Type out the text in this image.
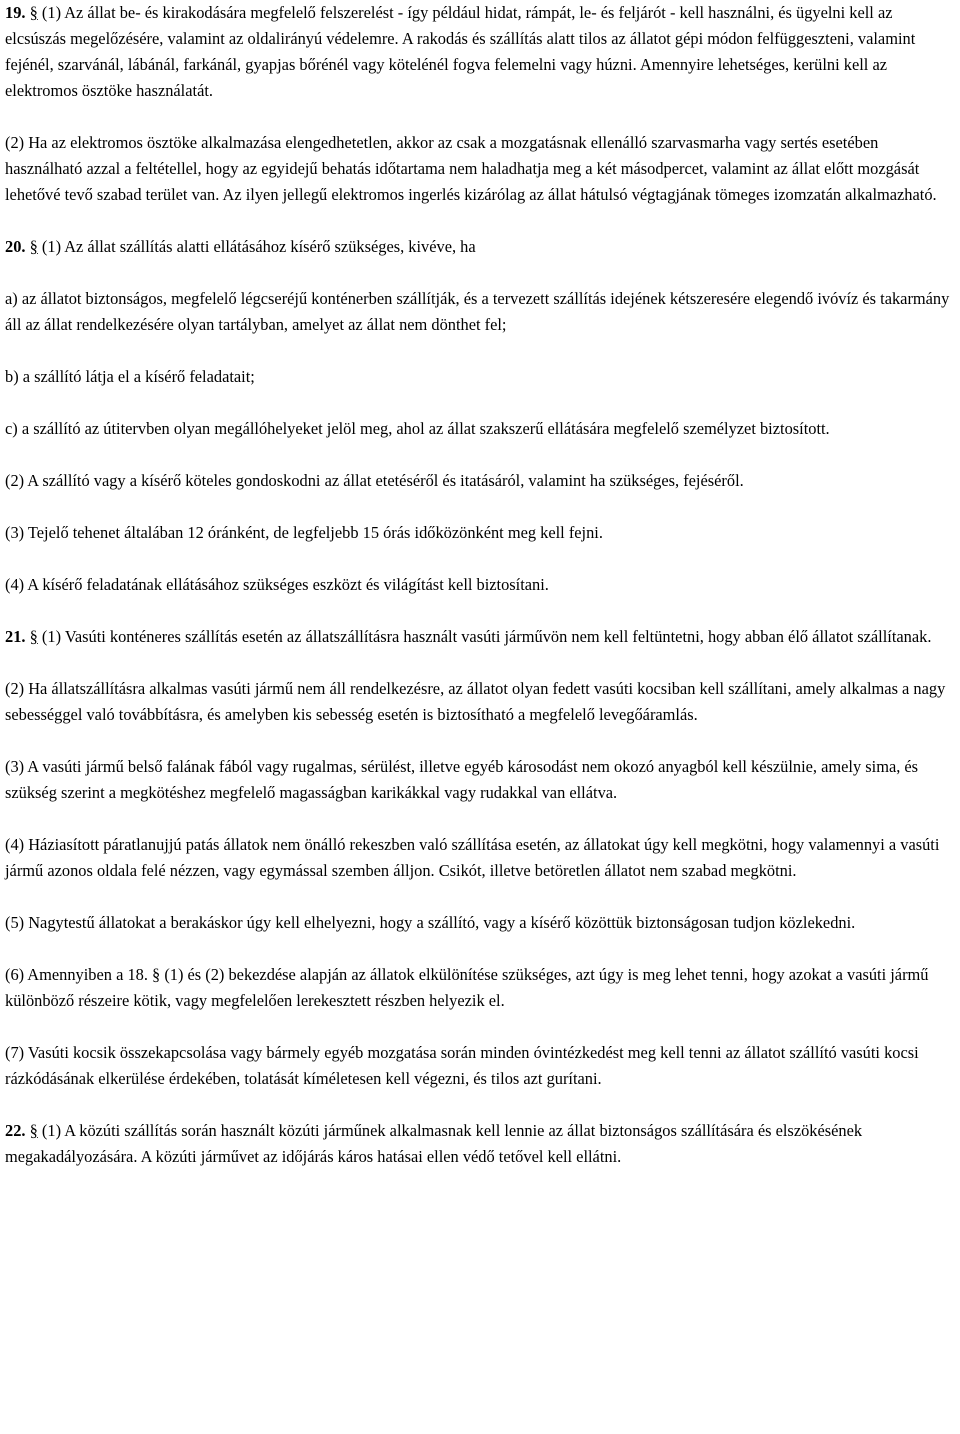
19. § (1) Az állat be- és kirakodására megfelelő felszerelést - így például hidat, rámpát, le- és feljárót - kell használni, és ügyelni kell az elcsúszás megelőzésére, valamint az oldalirányú védelemre. A rakodás és szállítás alatt tilos az állatot gépi módon felfüggeszteni, valamint fejénél, szarvánál, lábánál, farkánál, gyapjas bőrénél vagy kötelénél fogva felemelni vagy húzni. Amennyire lehetséges, kerülni kell az elektromos ösztöke használatát.

(2) Ha az elektromos ösztöke alkalmazása elengedhetetlen, akkor az csak a mozgatásnak ellenálló szarvasmarha vagy sertés esetében használható azzal a feltétellel, hogy az egyidejű behatás időtartama nem haladhatja meg a két másodpercet, valamint az állat előtt mozgását lehetővé tevő szabad terület van. Az ilyen jellegű elektromos ingerlés kizárólag az állat hátulsó végtagjának tömeges izomzatán alkalmazható.

20. § (1) Az állat szállítás alatti ellátásához kísérő szükséges, kivéve, ha

a) az állatot biztonságos, megfelelő légcseréjű konténerben szállítják, és a tervezett szállítás idejének kétszeresére elegendő ivóvíz és takarmány áll az állat rendelkezésére olyan tartályban, amelyet az állat nem dönthet fel;

b) a szállító látja el a kísérő feladatait;

c) a szállító az útitervben olyan megállóhelyeket jelöl meg, ahol az állat szakszerű ellátására megfelelő személyzet biztosított.

(2) A szállító vagy a kísérő köteles gondoskodni az állat etetéséről és itatásáról, valamint ha szükséges, fejéséről.

(3) Tejelő tehenet általában 12 óránként, de legfeljebb 15 órás időközönként meg kell fejni.

(4) A kísérő feladatának ellátásához szükséges eszközt és világítást kell biztosítani.

21. § (1) Vasúti konténeres szállítás esetén az állatszállításra használt vasúti járművön nem kell feltüntetni, hogy abban élő állatot szállítanak.

(2) Ha állatszállításra alkalmas vasúti jármű nem áll rendelkezésre, az állatot olyan fedett vasúti kocsiban kell szállítani, amely alkalmas a nagy sebességgel való továbbításra, és amelyben kis sebesség esetén is biztosítható a megfelelő levegőáramlás.

(3) A vasúti jármű belső falának fából vagy rugalmas, sérülést, illetve egyéb károsodást nem okozó anyagból kell készülnie, amely sima, és szükség szerint a megkötéshez megfelelő magasságban karikákkal vagy rudakkal van ellátva.

(4) Háziasított páratlanujjú patás állatok nem önálló rekeszben való szállítása esetén, az állatokat úgy kell megkötni, hogy valamennyi a vasúti jármű azonos oldala felé nézzen, vagy egymással szemben álljon. Csikót, illetve betöretlen állatot nem szabad megkötni.

(5) Nagytestű állatokat a berakáskor úgy kell elhelyezni, hogy a szállító, vagy a kísérő közöttük biztonságosan tudjon közlekedni.

(6) Amennyiben a 18. § (1) és (2) bekezdése alapján az állatok elkülönítése szükséges, azt úgy is meg lehet tenni, hogy azokat a vasúti jármű különböző részeire kötik, vagy megfelelően lerekesztett részben helyezik el.

(7) Vasúti kocsik összekapcsolása vagy bármely egyéb mozgatása során minden óvintézkedést meg kell tenni az állatot szállító vasúti kocsi rázkódásának elkerülése érdekében, tolatását kíméletesen kell végezni, és tilos azt gurítani.

22. § (1) A közúti szállítás során használt közúti járműnek alkalmasnak kell lennie az állat biztonságos szállítására és elszökésének megakadályozására. A közúti járművet az időjárás káros hatásai ellen védő tetővel kell ellátni.
